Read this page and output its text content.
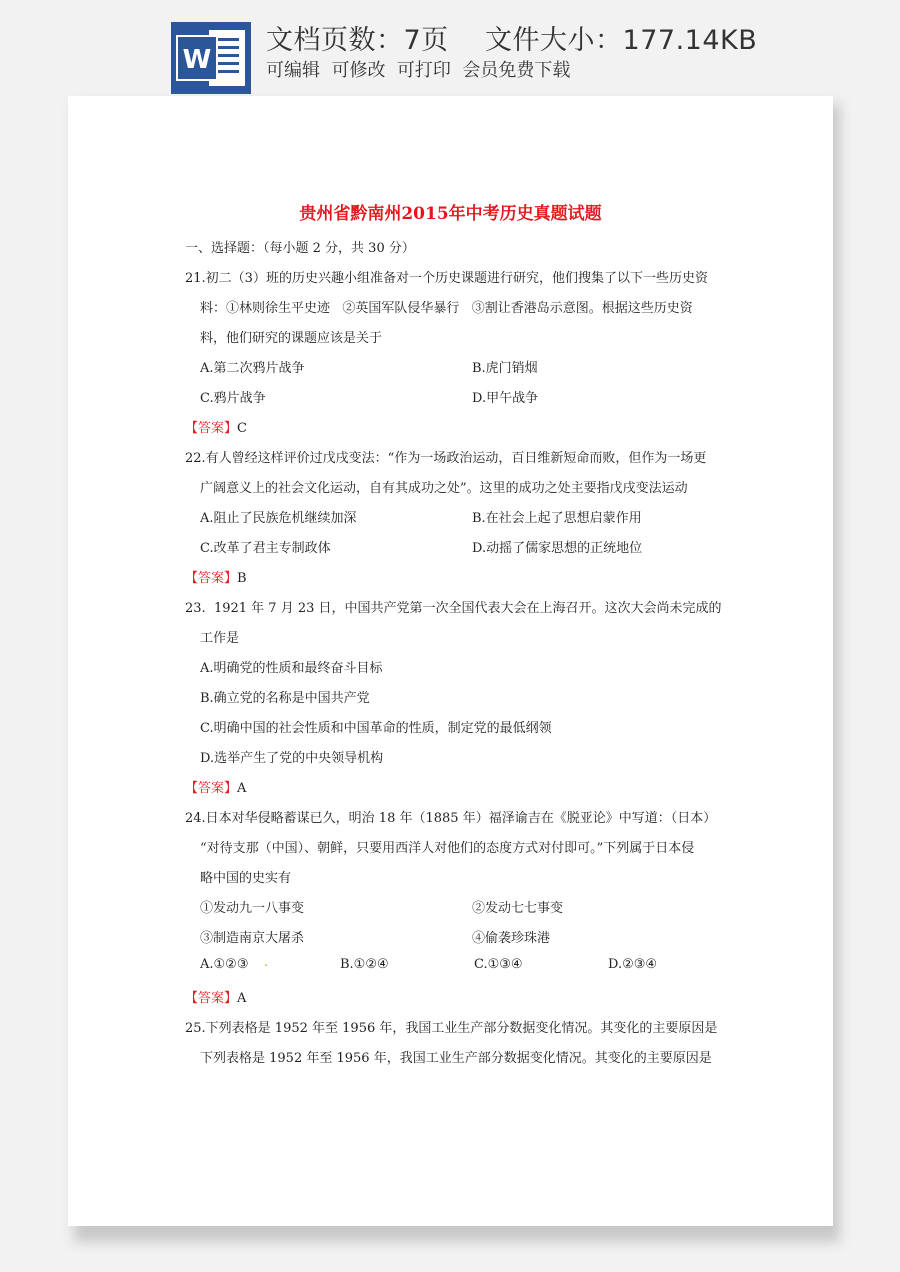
W
文档页数：7页 文件大小：177.14KB
可编辑  可修改  可打印  会员免费下载
贵州省黔南州2015年中考历史真题试题
一、选择题：（每小题 2 分，共 30 分）
21.初二（3）班的历史兴趣小组准备对一个历史课题进行研究，他们搜集了以下一些历史资
料：①林则徐生平史迹   ②英国军队侵华暴行   ③割让香港岛示意图。根据这些历史资
料，他们研究的课题应该是关于
A.第二次鸦片战争	B.虎门销烟
C.鸦片战争	D.甲午战争
【答案】C
22.有人曾经这样评价过戊戌变法：“作为一场政治运动，百日维新短命而败，但作为一场更
广阔意义上的社会文化运动，自有其成功之处”。这里的成功之处主要指戊戌变法运动
A.阻止了民族危机继续加深	B.在社会上起了思想启蒙作用
C.改革了君主专制政体	D.动摇了儒家思想的正统地位
【答案】B
23.  1921 年 7 月 23 日，中国共产党第一次全国代表大会在上海召开。这次大会尚未完成的
工作是
A.明确党的性质和最终奋斗目标
B.确立党的名称是中国共产党
C.明确中国的社会性质和中国革命的性质，制定党的最低纲领
D.选举产生了党的中央领导机构
【答案】A
24.日本对华侵略蓄谋已久，明治 18 年（1885 年）福泽谕吉在《脱亚论》中写道：（日本）
“对待支那（中国）、朝鲜，只要用西洋人对他们的态度方式对付即可。”下列属于日本侵
略中国的史实有
①发动九一八事变	②发动七七事变
③制造南京大屠杀	④偷袭珍珠港
A.①②③ .	B.①②④	C.①③④	D.②③④
【答案】A
25.下列表格是 1952 年至 1956 年，我国工业生产部分数据变化情况。其变化的主要原因是
下列表格是 1952 年至 1956 年，我国工业生产部分数据变化情况。其变化的主要原因是
